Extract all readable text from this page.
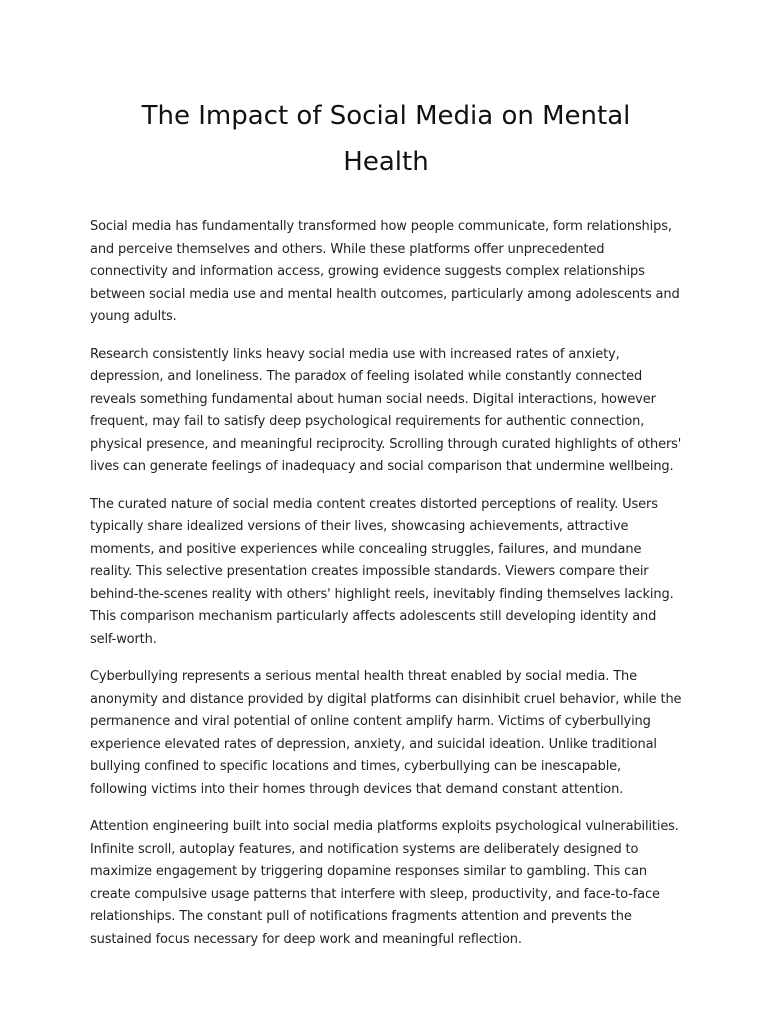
The Impact of Social Media on Mental Health

Social media has fundamentally transformed how people communicate, form relationships, and perceive themselves and others. While these platforms offer unprecedented connectivity and information access, growing evidence suggests complex relationships between social media use and mental health outcomes, particularly among adolescents and young adults.

Research consistently links heavy social media use with increased rates of anxiety, depression, and loneliness. The paradox of feeling isolated while constantly connected reveals something fundamental about human social needs. Digital interactions, however frequent, may fail to satisfy deep psychological requirements for authentic connection, physical presence, and meaningful reciprocity. Scrolling through curated highlights of others' lives can generate feelings of inadequacy and social comparison that undermine wellbeing.

The curated nature of social media content creates distorted perceptions of reality. Users typically share idealized versions of their lives, showcasing achievements, attractive moments, and positive experiences while concealing struggles, failures, and mundane reality. This selective presentation creates impossible standards. Viewers compare their behind-the-scenes reality with others' highlight reels, inevitably finding themselves lacking. This comparison mechanism particularly affects adolescents still developing identity and self-worth.

Cyberbullying represents a serious mental health threat enabled by social media. The anonymity and distance provided by digital platforms can disinhibit cruel behavior, while the permanence and viral potential of online content amplify harm. Victims of cyberbullying experience elevated rates of depression, anxiety, and suicidal ideation. Unlike traditional bullying confined to specific locations and times, cyberbullying can be inescapable, following victims into their homes through devices that demand constant attention.

Attention engineering built into social media platforms exploits psychological vulnerabilities. Infinite scroll, autoplay features, and notification systems are deliberately designed to maximize engagement by triggering dopamine responses similar to gambling. This can create compulsive usage patterns that interfere with sleep, productivity, and face-to-face relationships. The constant pull of notifications fragments attention and prevents the sustained focus necessary for deep work and meaningful reflection.
